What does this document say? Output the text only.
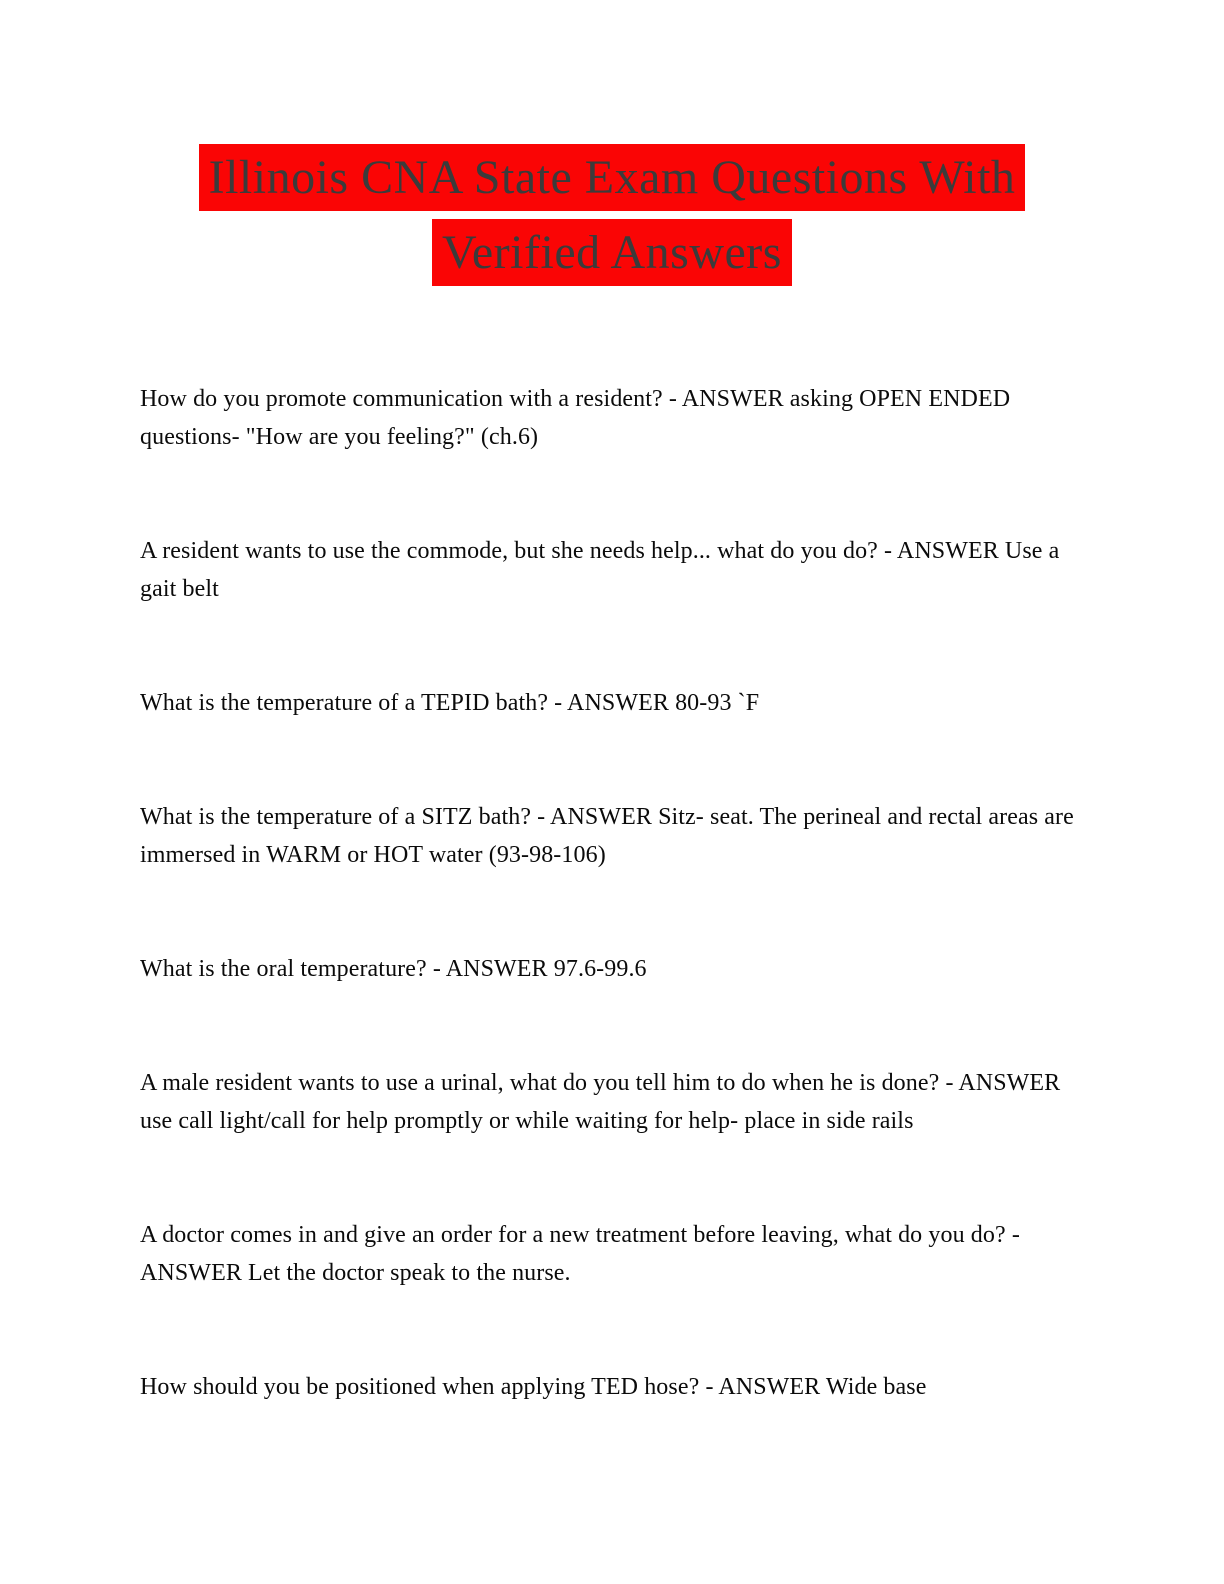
Illinois CNA State Exam Questions With
Verified Answers

How do you promote communication with a resident? - ANSWER asking OPEN ENDED questions- "How are you feeling?" (ch.6)

A resident wants to use the commode, but she needs help... what do you do? - ANSWER Use a gait belt

What is the temperature of a TEPID bath? - ANSWER 80-93 `F

What is the temperature of a SITZ bath? - ANSWER Sitz- seat. The perineal and rectal areas are immersed in WARM or HOT water (93-98-106)

What is the oral temperature? - ANSWER 97.6-99.6

A male resident wants to use a urinal, what do you tell him to do when he is done? - ANSWER use call light/call for help promptly or while waiting for help- place in side rails

A doctor comes in and give an order for a new treatment before leaving, what do you do? - ANSWER Let the doctor speak to the nurse.

How should you be positioned when applying TED hose? - ANSWER Wide base
